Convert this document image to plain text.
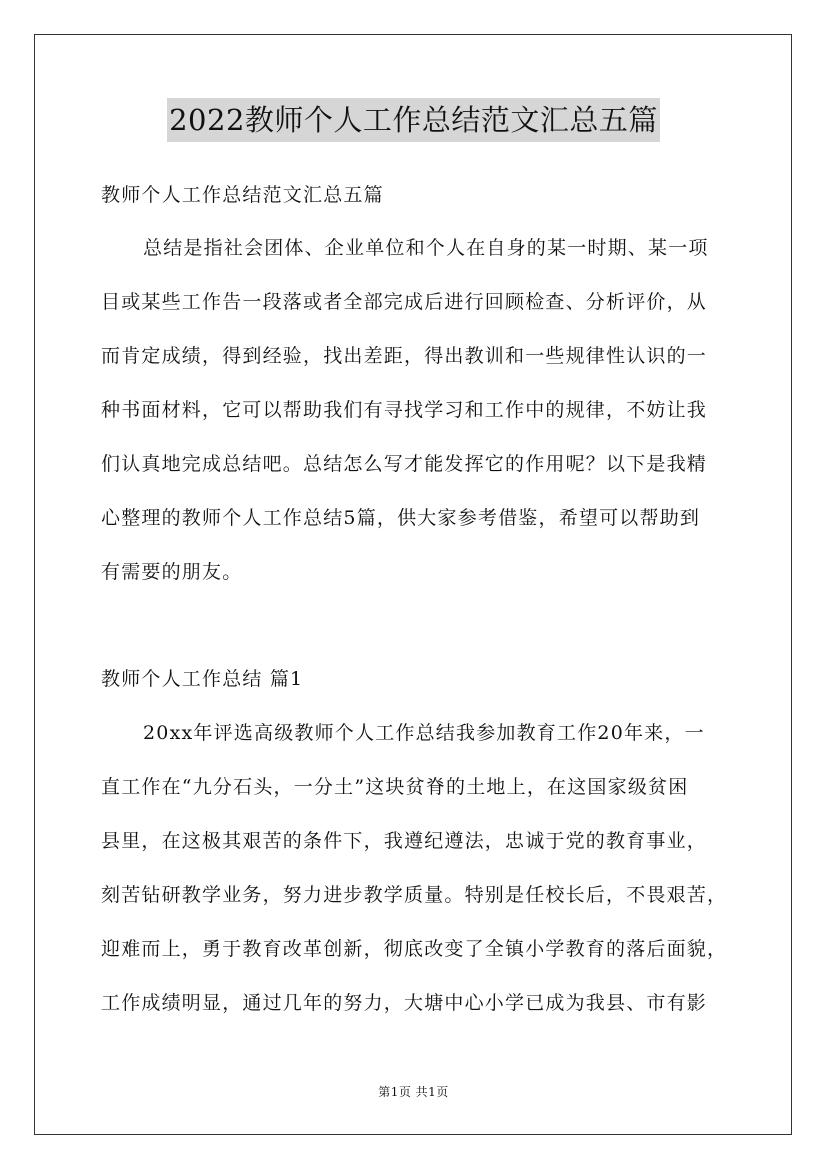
2022教师个人工作总结范文汇总五篇
教师个人工作总结范文汇总五篇
总结是指社会团体、企业单位和个人在自身的某一时期、某一项
目或某些工作告一段落或者全部完成后进行回顾检查、分析评价，从
而肯定成绩，得到经验，找出差距，得出教训和一些规律性认识的一
种书面材料，它可以帮助我们有寻找学习和工作中的规律，不妨让我
们认真地完成总结吧。总结怎么写才能发挥它的作用呢？以下是我精
心整理的教师个人工作总结5篇，供大家参考借鉴，希望可以帮助到
有需要的朋友。
教师个人工作总结 篇1
20xx年评选高级教师个人工作总结我参加教育工作20年来，一
直工作在“九分石头，一分土”这块贫脊的土地上，在这国家级贫困
县里，在这极其艰苦的条件下，我遵纪遵法，忠诚于党的教育事业，
刻苦钻研教学业务，努力进步教学质量。特别是任校长后，不畏艰苦，
迎难而上，勇于教育改革创新，彻底改变了全镇小学教育的落后面貌，
工作成绩明显，通过几年的努力，大塘中心小学已成为我县、市有影
第1页 共1页
